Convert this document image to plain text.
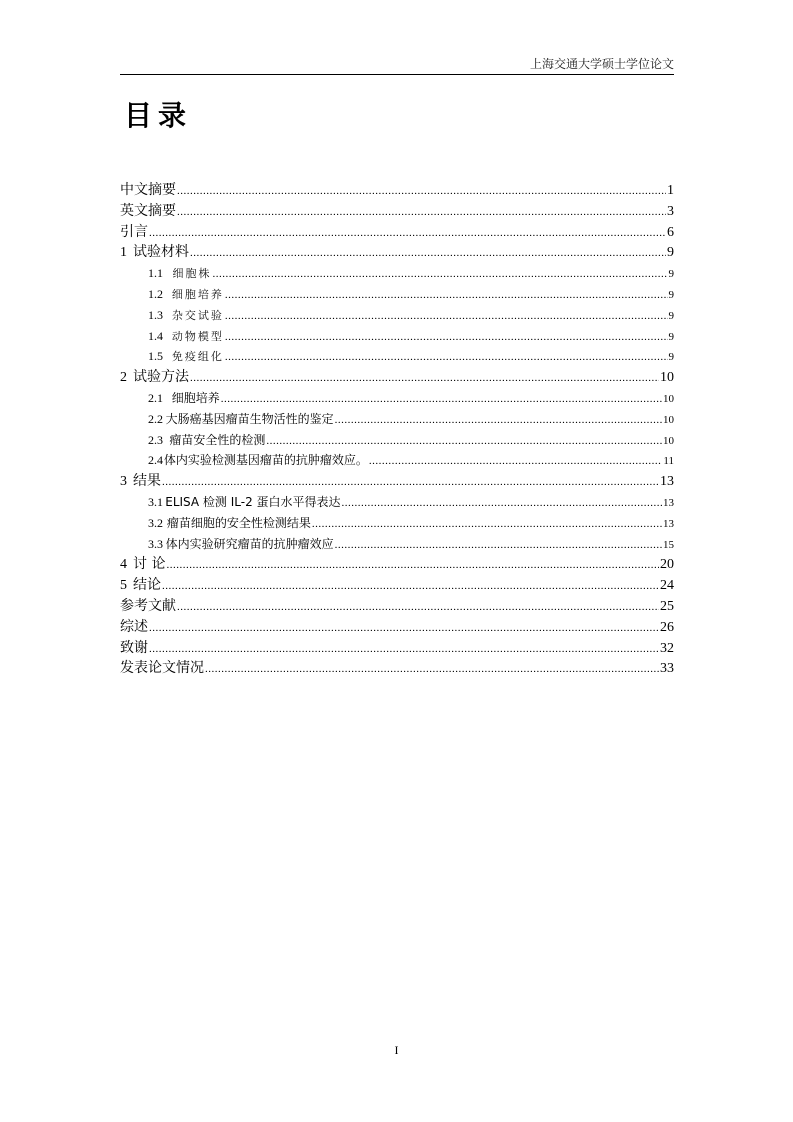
上海交通大学硕士学位论文
目录
中文摘要 .....	1
英文摘要 .....	3
引言 .....	6
1 试验材料 .....	9
1.1 细胞株 .....	9
1.2 细胞培养 .....	9
1.3 杂交试验 .....	9
1.4 动物模型 .....	9
1.5 免疫组化 .....	9
2 试验方法 .....	10
2.1 细胞培养 .....	10
2.2 大肠癌基因瘤苗生物活性的鉴定 .....	10
2.3 瘤苗安全性的检测 .....	10
2.4 体内实验检测基因瘤苗的抗肿瘤效应。 .....	11
3 结果 .....	13
3.1 ELISA 检测 IL-2 蛋白水平得表达 .....	13
3.2 瘤苗细胞的安全性检测结果 .....	13
3.3 体内实验研究瘤苗的抗肿瘤效应 .....	15
4 讨 论 .....	20
5 结论 .....	24
参考文献 .....	25
综述 .....	26
致谢 .....	32
发表论文情况 .....	33
I
